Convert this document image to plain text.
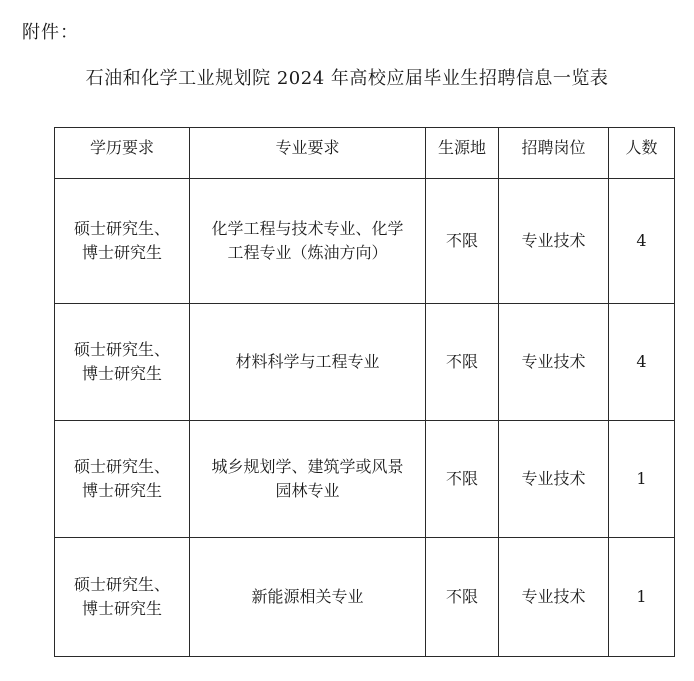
附件：
石油和化学工业规划院 2024 年高校应届毕业生招聘信息一览表
学历要求	专业要求	生源地	招聘岗位	人数

硕士研究生、
博士研究生	化学工程与技术专业、化学
工程专业（炼油方向）	不限	专业技术	4

硕士研究生、
博士研究生	材料科学与工程专业	不限	专业技术	4

硕士研究生、
博士研究生	城乡规划学、建筑学或风景
园林专业	不限	专业技术	1

硕士研究生、
博士研究生	新能源相关专业	不限	专业技术	1
